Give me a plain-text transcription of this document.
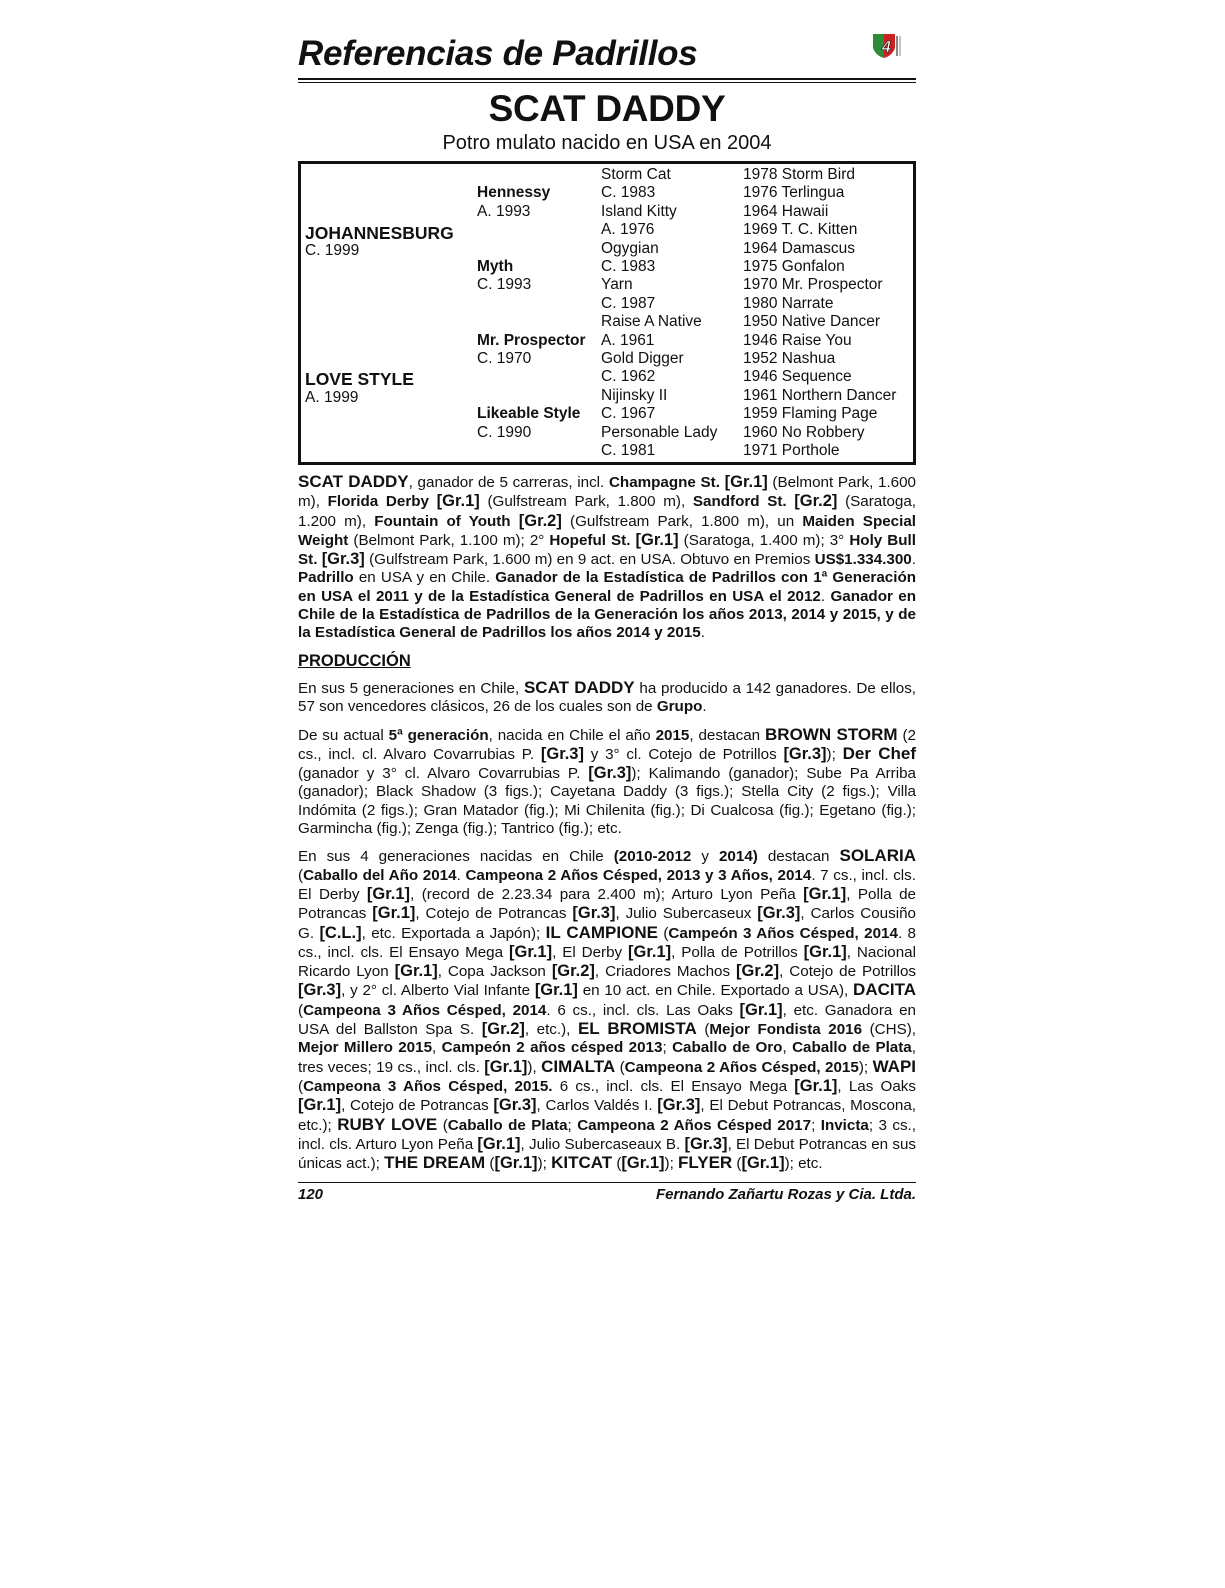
Referencias de Padrillos	4
SCAT DADDY
Potro mulato nacido en USA en 2004
JOHANNESBURG
C. 1999
LOVE STYLE
A. 1999
Hennessy
A. 1993
Myth
C. 1993
Mr. Prospector
C. 1970
Likeable Style
C. 1990
Storm Cat
C. 1983
Island Kitty
A. 1976
Ogygian
C. 1983
Yarn
C. 1987
Raise A Native
A. 1961
Gold Digger
C. 1962
Nijinsky II
C. 1967
Personable Lady
C. 1981
1978 Storm Bird
1976 Terlingua
1964 Hawaii
1969 T. C. Kitten
1964 Damascus
1975 Gonfalon
1970 Mr. Prospector
1980 Narrate
1950 Native Dancer
1946 Raise You
1952 Nashua
1946 Sequence
1961 Northern Dancer
1959 Flaming Page
1960 No Robbery
1971 Porthole

SCAT DADDY, ganador de 5 carreras, incl. Champagne St. [Gr.1] (Belmont Park, 1.600 m), Florida Derby [Gr.1] (Gulfstream Park, 1.800 m), Sandford St. [Gr.2] (Saratoga, 1.200 m), Fountain of Youth [Gr.2] (Gulfstream Park, 1.800 m), un Maiden Special Weight (Belmont Park, 1.100 m); 2° Hopeful St. [Gr.1] (Saratoga, 1.400 m); 3° Holy Bull St. [Gr.3] (Gulfstream Park, 1.600 m) en 9 act. en USA. Obtuvo en Premios US$1.334.300. Padrillo en USA y en Chile. Ganador de la Estadística de Padrillos con 1ª Generación en USA el 2011 y de la Estadística General de Padrillos en USA el 2012. Ganador en Chile de la Estadística de Padrillos de la Generación los años 2013, 2014 y 2015, y de la Estadística General de Padrillos los años 2014 y 2015.

PRODUCCIÓN

En sus 5 generaciones en Chile, SCAT DADDY ha producido a 142 ganadores. De ellos, 57 son vencedores clásicos, 26 de los cuales son de Grupo.

De su actual 5ª generación, nacida en Chile el año 2015, destacan BROWN STORM (2 cs., incl. cl. Alvaro Covarrubias P. [Gr.3] y 3° cl. Cotejo de Potrillos [Gr.3]); Der Chef (ganador y 3° cl. Alvaro Covarrubias P. [Gr.3]); Kalimando (ganador); Sube Pa Arriba (ganador); Black Shadow (3 figs.); Cayetana Daddy (3 figs.); Stella City (2 figs.); Villa Indómita (2 figs.); Gran Matador (fig.); Mi Chilenita (fig.); Di Cualcosa (fig.); Egetano (fig.); Garmincha (fig.); Zenga (fig.); Tantrico (fig.); etc.

En sus 4 generaciones nacidas en Chile (2010-2012 y 2014) destacan SOLARIA (Caballo del Año 2014. Campeona 2 Años Césped, 2013 y 3 Años, 2014. 7 cs., incl. cls. El Derby [Gr.1], (record de 2.23.34 para 2.400 m); Arturo Lyon Peña [Gr.1], Polla de Potrancas [Gr.1], Cotejo de Potrancas [Gr.3], Julio Subercaseux [Gr.3], Carlos Cousiño G. [C.L.], etc. Exportada a Japón); IL CAMPIONE (Campeón 3 Años Césped, 2014. 8 cs., incl. cls. El Ensayo Mega [Gr.1], El Derby [Gr.1], Polla de Potrillos [Gr.1], Nacional Ricardo Lyon [Gr.1], Copa Jackson [Gr.2], Criadores Machos [Gr.2], Cotejo de Potrillos [Gr.3], y 2° cl. Alberto Vial Infante [Gr.1] en 10 act. en Chile. Exportado a USA), DACITA (Campeona 3 Años Césped, 2014. 6 cs., incl. cls. Las Oaks [Gr.1], etc. Ganadora en USA del Ballston Spa S. [Gr.2], etc.), EL BROMISTA (Mejor Fondista 2016 (CHS), Mejor Millero 2015, Campeón 2 años césped 2013; Caballo de Oro, Caballo de Plata, tres veces; 19 cs., incl. cls. [Gr.1]), CIMALTA (Campeona 2 Años Césped, 2015); WAPI (Campeona 3 Años Césped, 2015. 6 cs., incl. cls. El Ensayo Mega [Gr.1], Las Oaks [Gr.1], Cotejo de Potrancas [Gr.3], Carlos Valdés I. [Gr.3], El Debut Potrancas, Moscona, etc.); RUBY LOVE (Caballo de Plata; Campeona 2 Años Césped 2017; Invicta; 3 cs., incl. cls. Arturo Lyon Peña [Gr.1], Julio Subercaseaux B. [Gr.3], El Debut Potrancas en sus únicas act.); THE DREAM ([Gr.1]); KITCAT ([Gr.1]); FLYER ([Gr.1]); etc.

120	Fernando Zañartu Rozas y Cia. Ltda.
